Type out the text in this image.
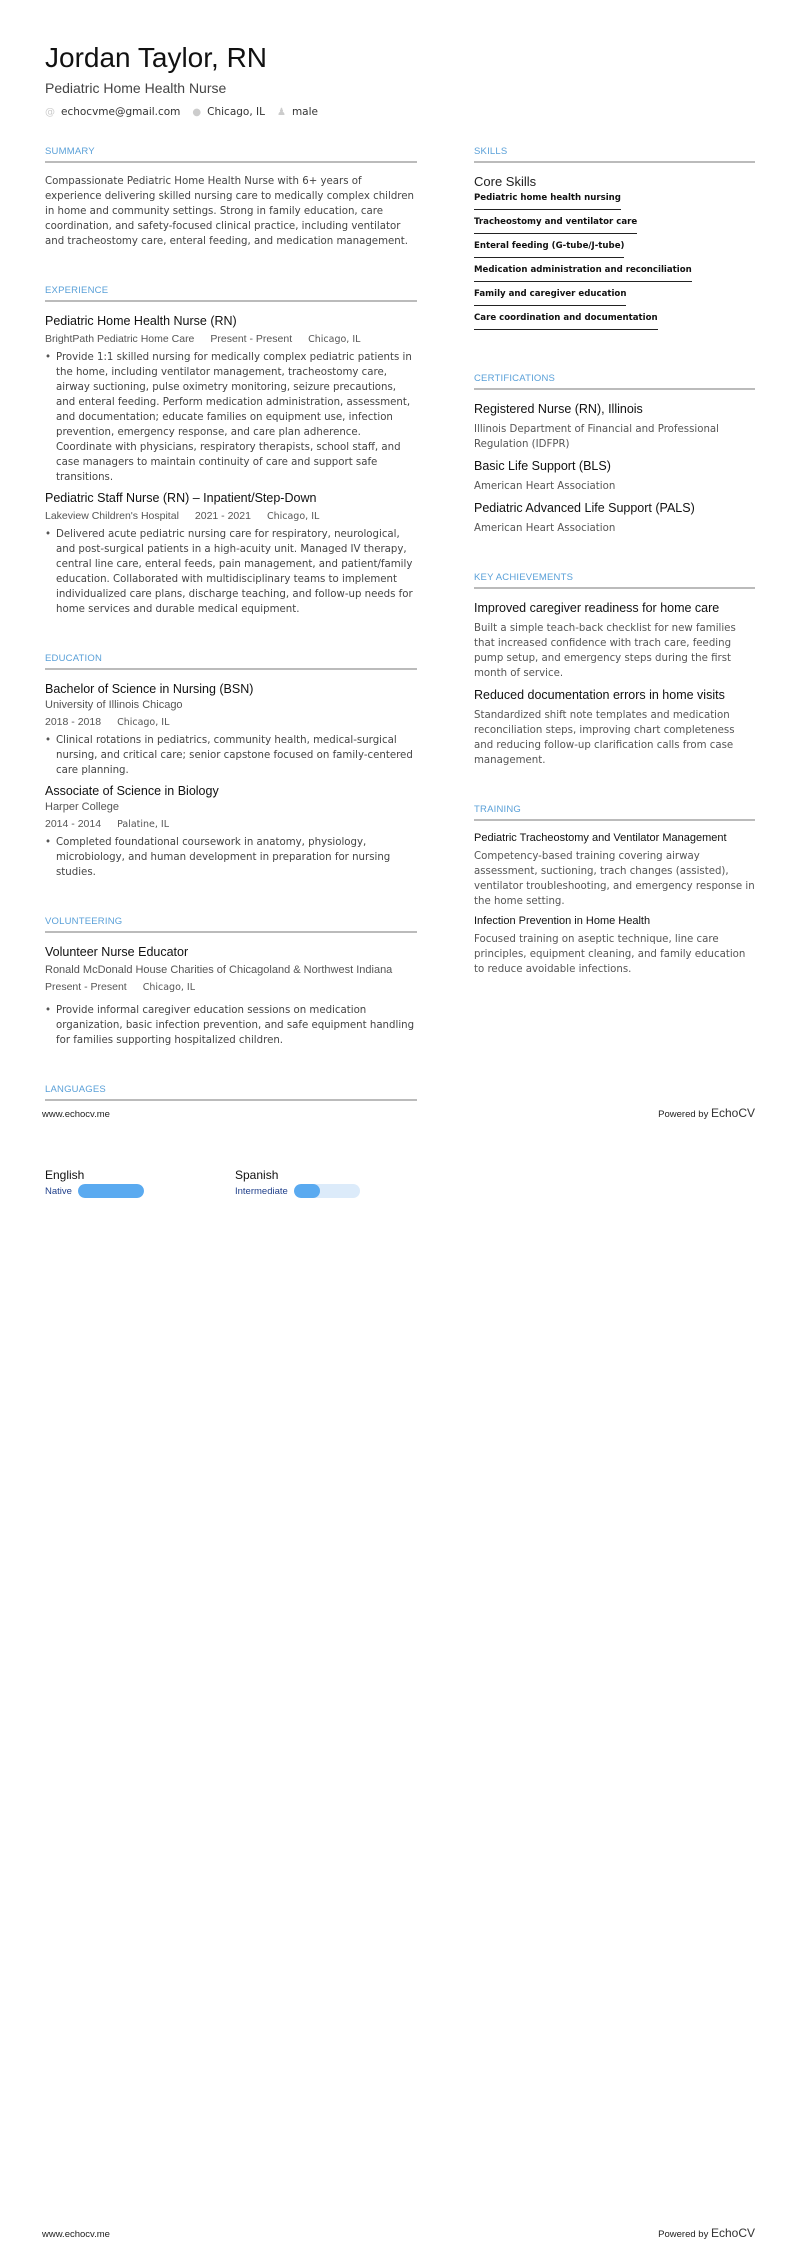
Jordan Taylor, RN
Pediatric Home Health Nurse
@ echocvme@gmail.com ● Chicago, IL ♟ male
SUMMARY
Compassionate Pediatric Home Health Nurse with 6+ years of experience delivering skilled nursing care to medically complex children in home and community settings. Strong in family education, care coordination, and safety-focused clinical practice, including ventilator and tracheostomy care, enteral feeding, and medication management.
EXPERIENCE
Pediatric Home Health Nurse (RN)
BrightPath Pediatric Home Care Present - Present Chicago, IL
• Provide 1:1 skilled nursing for medically complex pediatric patients in the home, including ventilator management, tracheostomy care, airway suctioning, pulse oximetry monitoring, seizure precautions, and enteral feeding. Perform medication administration, assessment, and documentation; educate families on equipment use, infection prevention, emergency response, and care plan adherence. Coordinate with physicians, respiratory therapists, school staff, and case managers to maintain continuity of care and support safe transitions.
Pediatric Staff Nurse (RN) – Inpatient/Step-Down
Lakeview Children's Hospital 2021 - 2021 Chicago, IL
• Delivered acute pediatric nursing care for respiratory, neurological, and post-surgical patients in a high-acuity unit. Managed IV therapy, central line care, enteral feeds, pain management, and patient/family education. Collaborated with multidisciplinary teams to implement individualized care plans, discharge teaching, and follow-up needs for home services and durable medical equipment.
EDUCATION
Bachelor of Science in Nursing (BSN)
University of Illinois Chicago
2018 - 2018 Chicago, IL
• Clinical rotations in pediatrics, community health, medical-surgical nursing, and critical care; senior capstone focused on family-centered care planning.
Associate of Science in Biology
Harper College
2014 - 2014 Palatine, IL
• Completed foundational coursework in anatomy, physiology, microbiology, and human development in preparation for nursing studies.
VOLUNTEERING
Volunteer Nurse Educator
Ronald McDonald House Charities of Chicagoland & Northwest Indiana
Present - Present Chicago, IL
• Provide informal caregiver education sessions on medication organization, basic infection prevention, and safe equipment handling for families supporting hospitalized children.
LANGUAGES
SKILLS
Core Skills
Pediatric home health nursing
Tracheostomy and ventilator care
Enteral feeding (G-tube/J-tube)
Medication administration and reconciliation
Family and caregiver education
Care coordination and documentation
CERTIFICATIONS
Registered Nurse (RN), Illinois
Illinois Department of Financial and Professional Regulation (IDFPR)
Basic Life Support (BLS)
American Heart Association
Pediatric Advanced Life Support (PALS)
American Heart Association
KEY ACHIEVEMENTS
Improved caregiver readiness for home care
Built a simple teach-back checklist for new families that increased confidence with trach care, feeding pump setup, and emergency steps during the first month of service.
Reduced documentation errors in home visits
Standardized shift note templates and medication reconciliation steps, improving chart completeness and reducing follow-up clarification calls from case management.
TRAINING
Pediatric Tracheostomy and Ventilator Management
Competency-based training covering airway assessment, suctioning, trach changes (assisted), ventilator troubleshooting, and emergency response in the home setting.
Infection Prevention in Home Health
Focused training on aseptic technique, line care principles, equipment cleaning, and family education to reduce avoidable infections.
www.echocv.me	Powered by EchoCV
English
Native
Spanish
Intermediate
www.echocv.me	Powered by EchoCV
